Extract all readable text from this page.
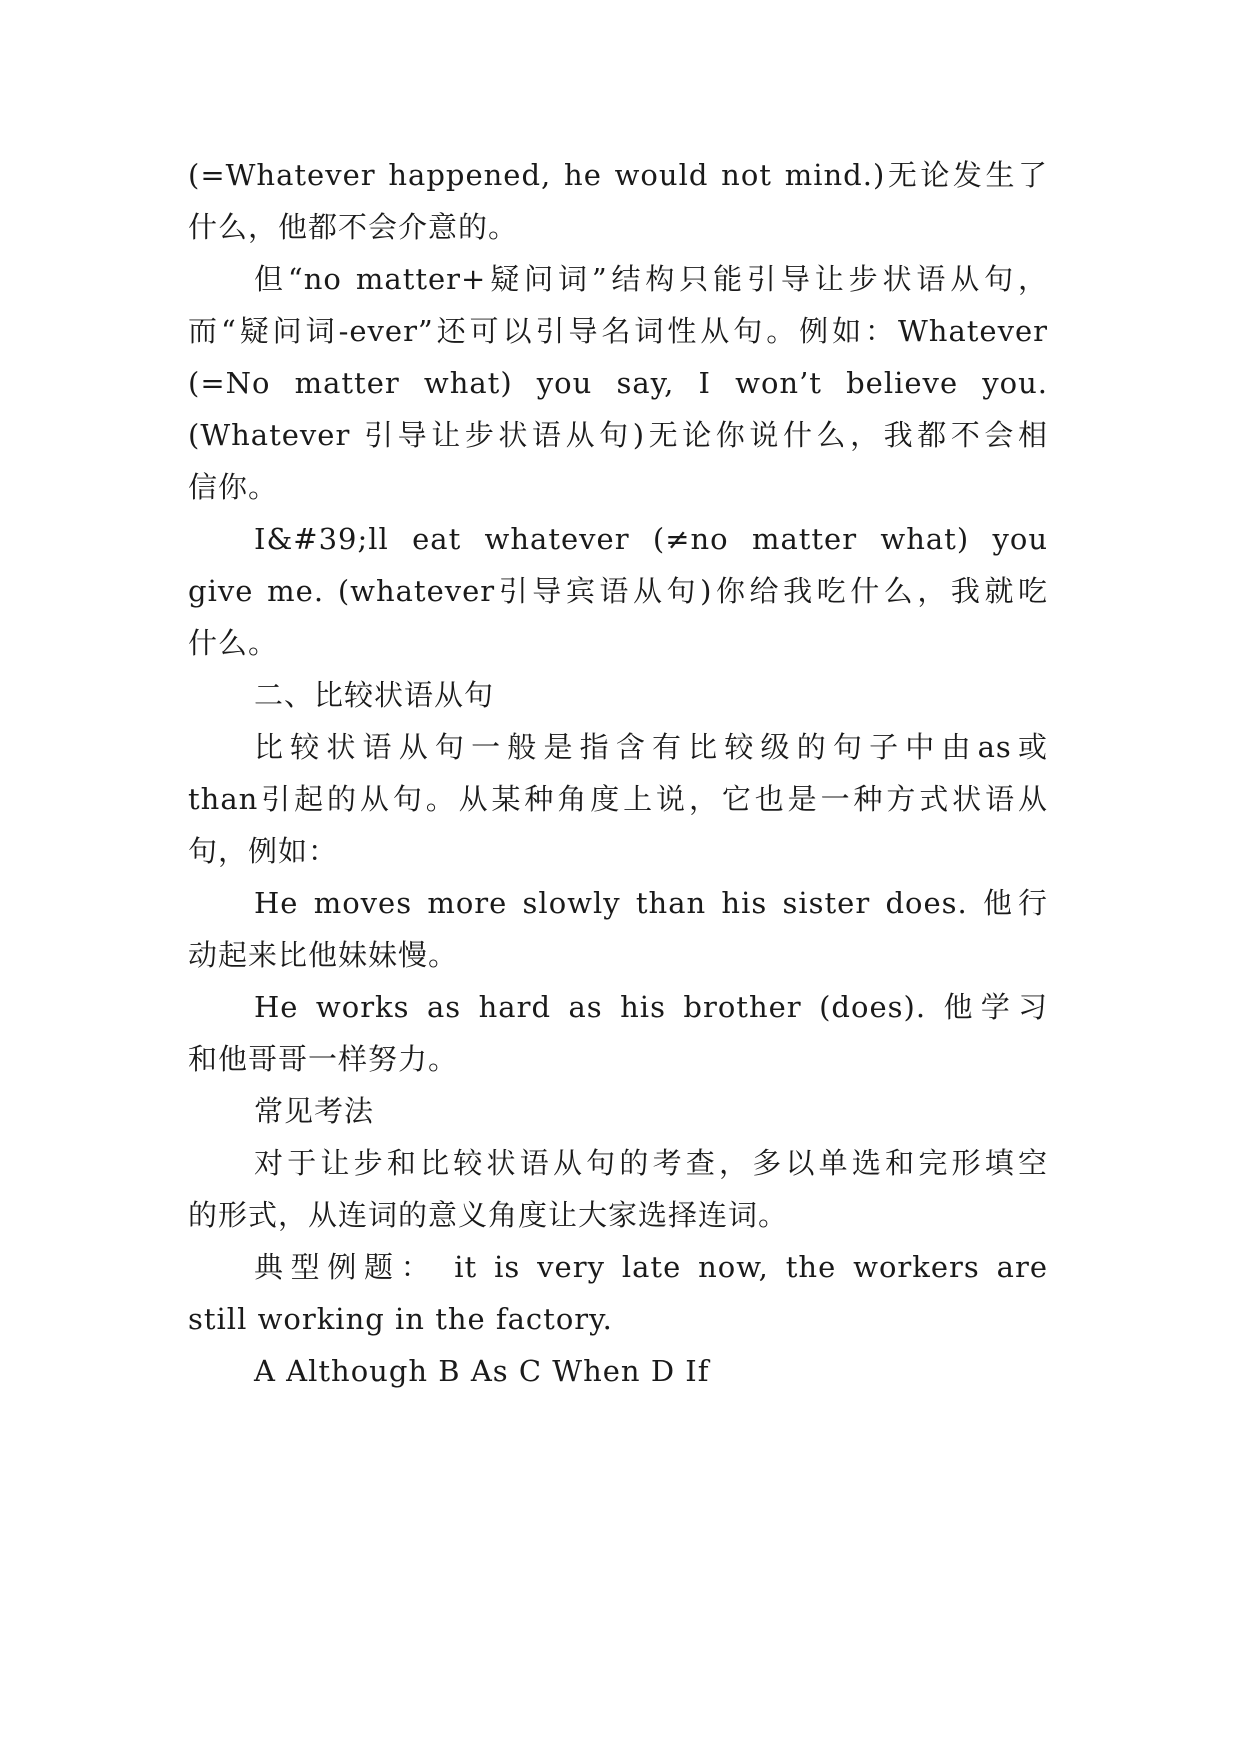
(=Whatever happened, he would not mind.)无论发生了
什么，他都不会介意的。
但“no matter+疑问词”结构只能引导让步状语从句，
而“疑问词-ever”还可以引导名词性从句。例如：Whatever
(=No matter what) you say, I won’t believe you.
(Whatever 引导让步状语从句)无论你说什么，我都不会相
信你。
I&#39;ll eat whatever (≠no matter what) you
give me. (whatever引导宾语从句)你给我吃什么，我就吃
什么。
二、比较状语从句
比较状语从句一般是指含有比较级的句子中由as或
than引起的从句。从某种角度上说，它也是一种方式状语从
句，例如：
He moves more slowly than his sister does. 他行
动起来比他妹妹慢。
He works as hard as his brother (does). 他学习
和他哥哥一样努力。
常见考法
对于让步和比较状语从句的考查，多以单选和完形填空
的形式，从连词的意义角度让大家选择连词。
典型例题： it is very late now, the workers are
still working in the factory.
A Although B As C When D If
